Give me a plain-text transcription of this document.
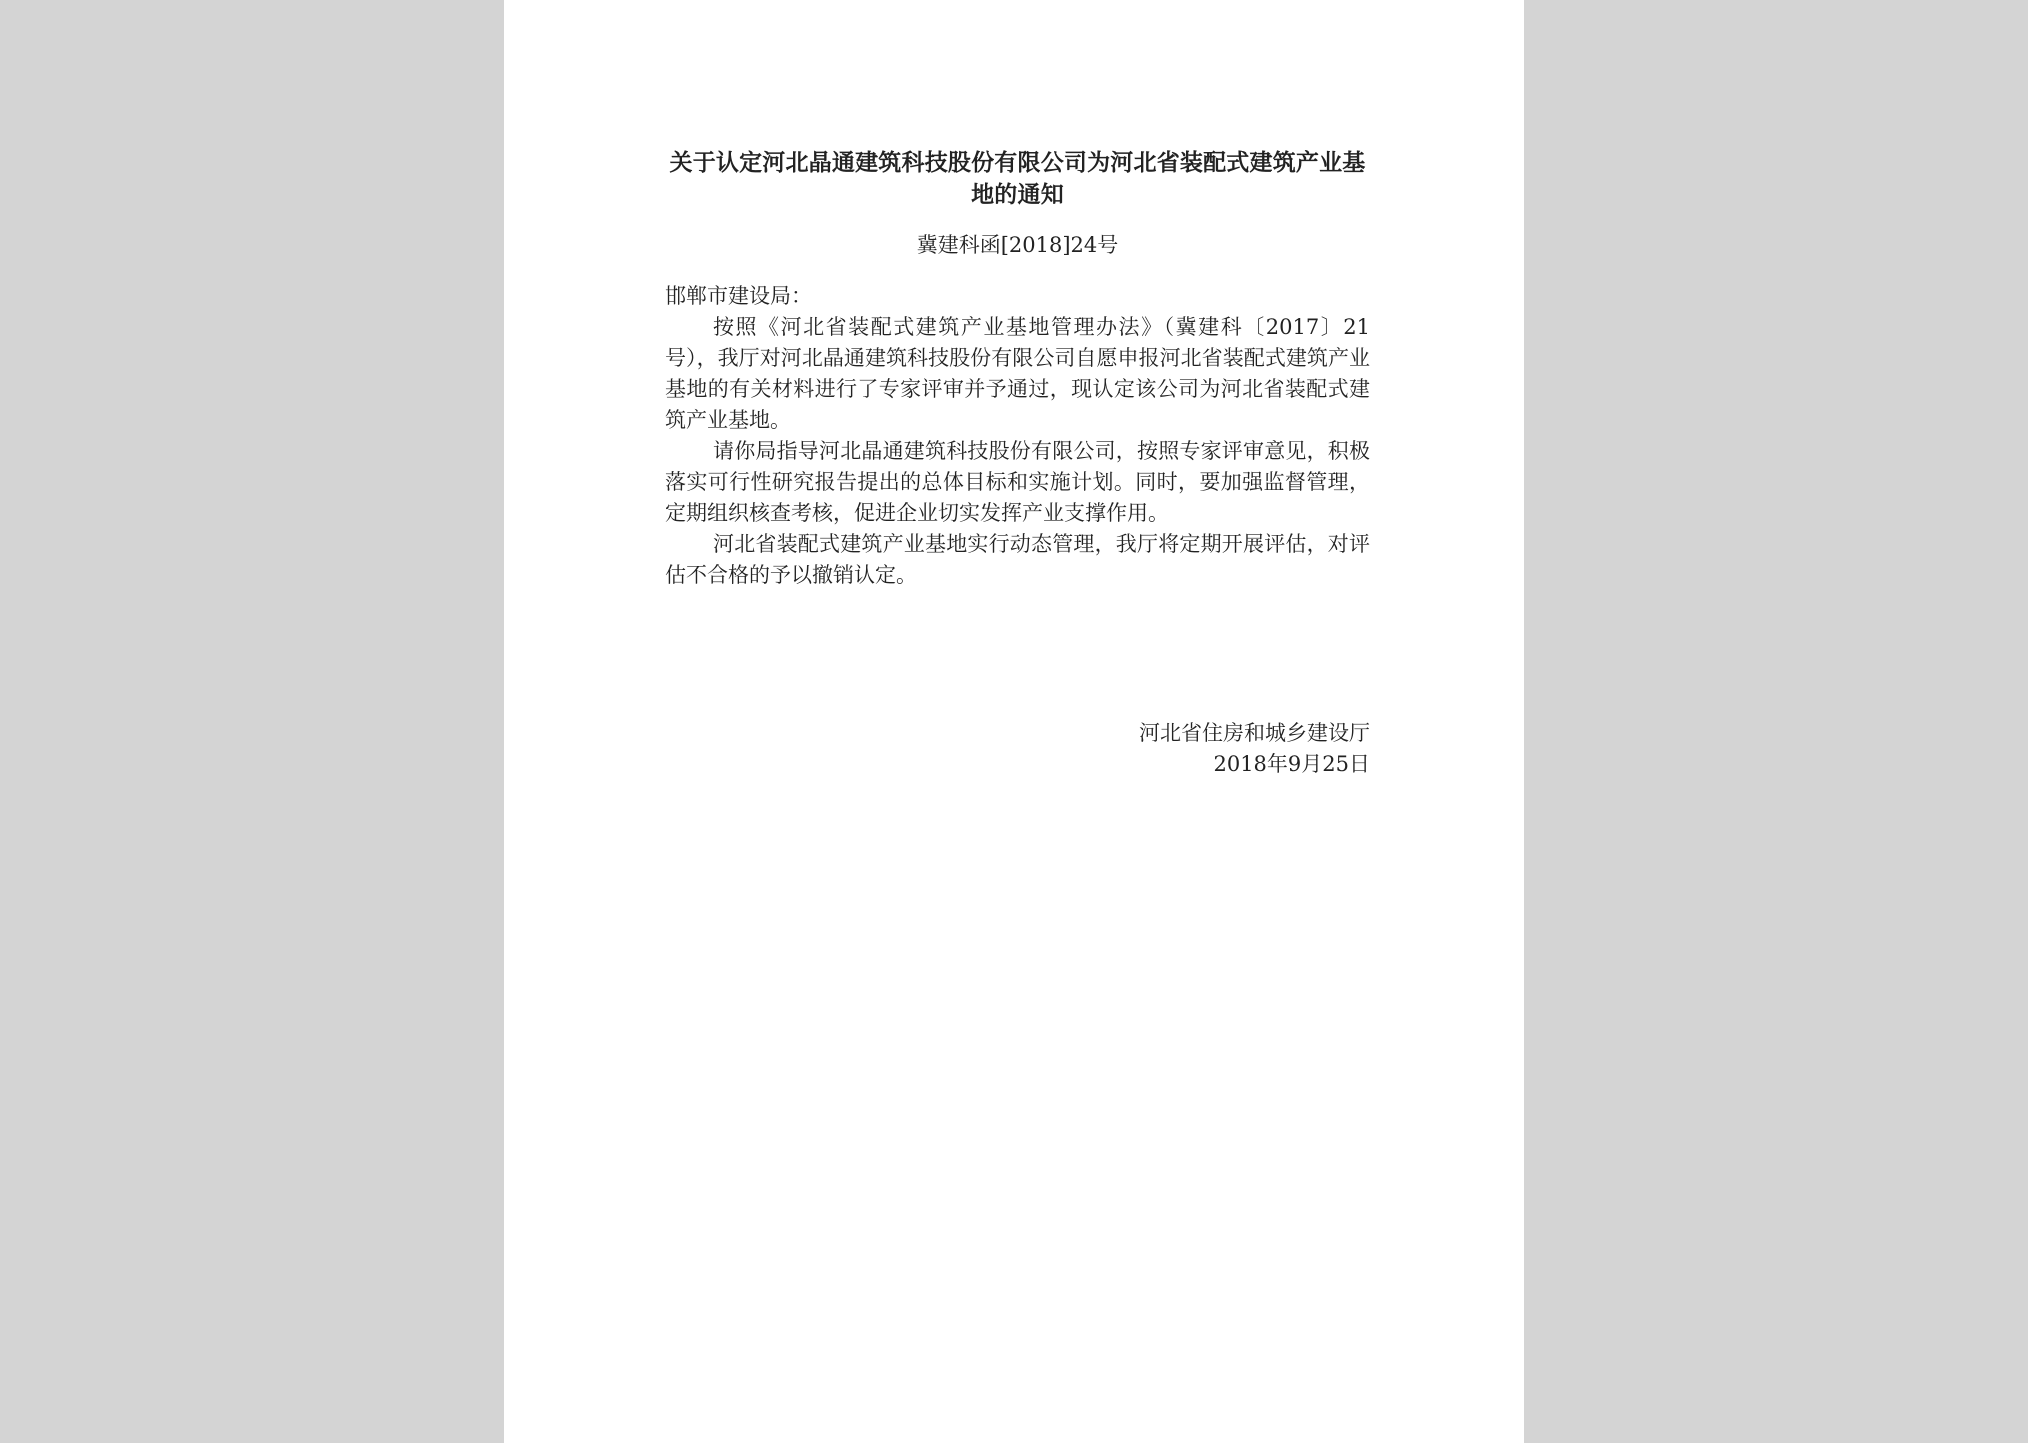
关于认定河北晶通建筑科技股份有限公司为河北省装配式建筑产业基地的通知
冀建科函[2018]24号
邯郸市建设局：

按照《河北省装配式建筑产业基地管理办法》（冀建科〔2017〕21号），我厅对河北晶通建筑科技股份有限公司自愿申报河北省装配式建筑产业基地的有关材料进行了专家评审并予通过，现认定该公司为河北省装配式建筑产业基地。

请你局指导河北晶通建筑科技股份有限公司，按照专家评审意见，积极落实可行性研究报告提出的总体目标和实施计划。同时，要加强监督管理，定期组织核查考核，促进企业切实发挥产业支撑作用。

河北省装配式建筑产业基地实行动态管理，我厅将定期开展评估，对评估不合格的予以撤销认定。

河北省住房和城乡建设厅
2018年9月25日
